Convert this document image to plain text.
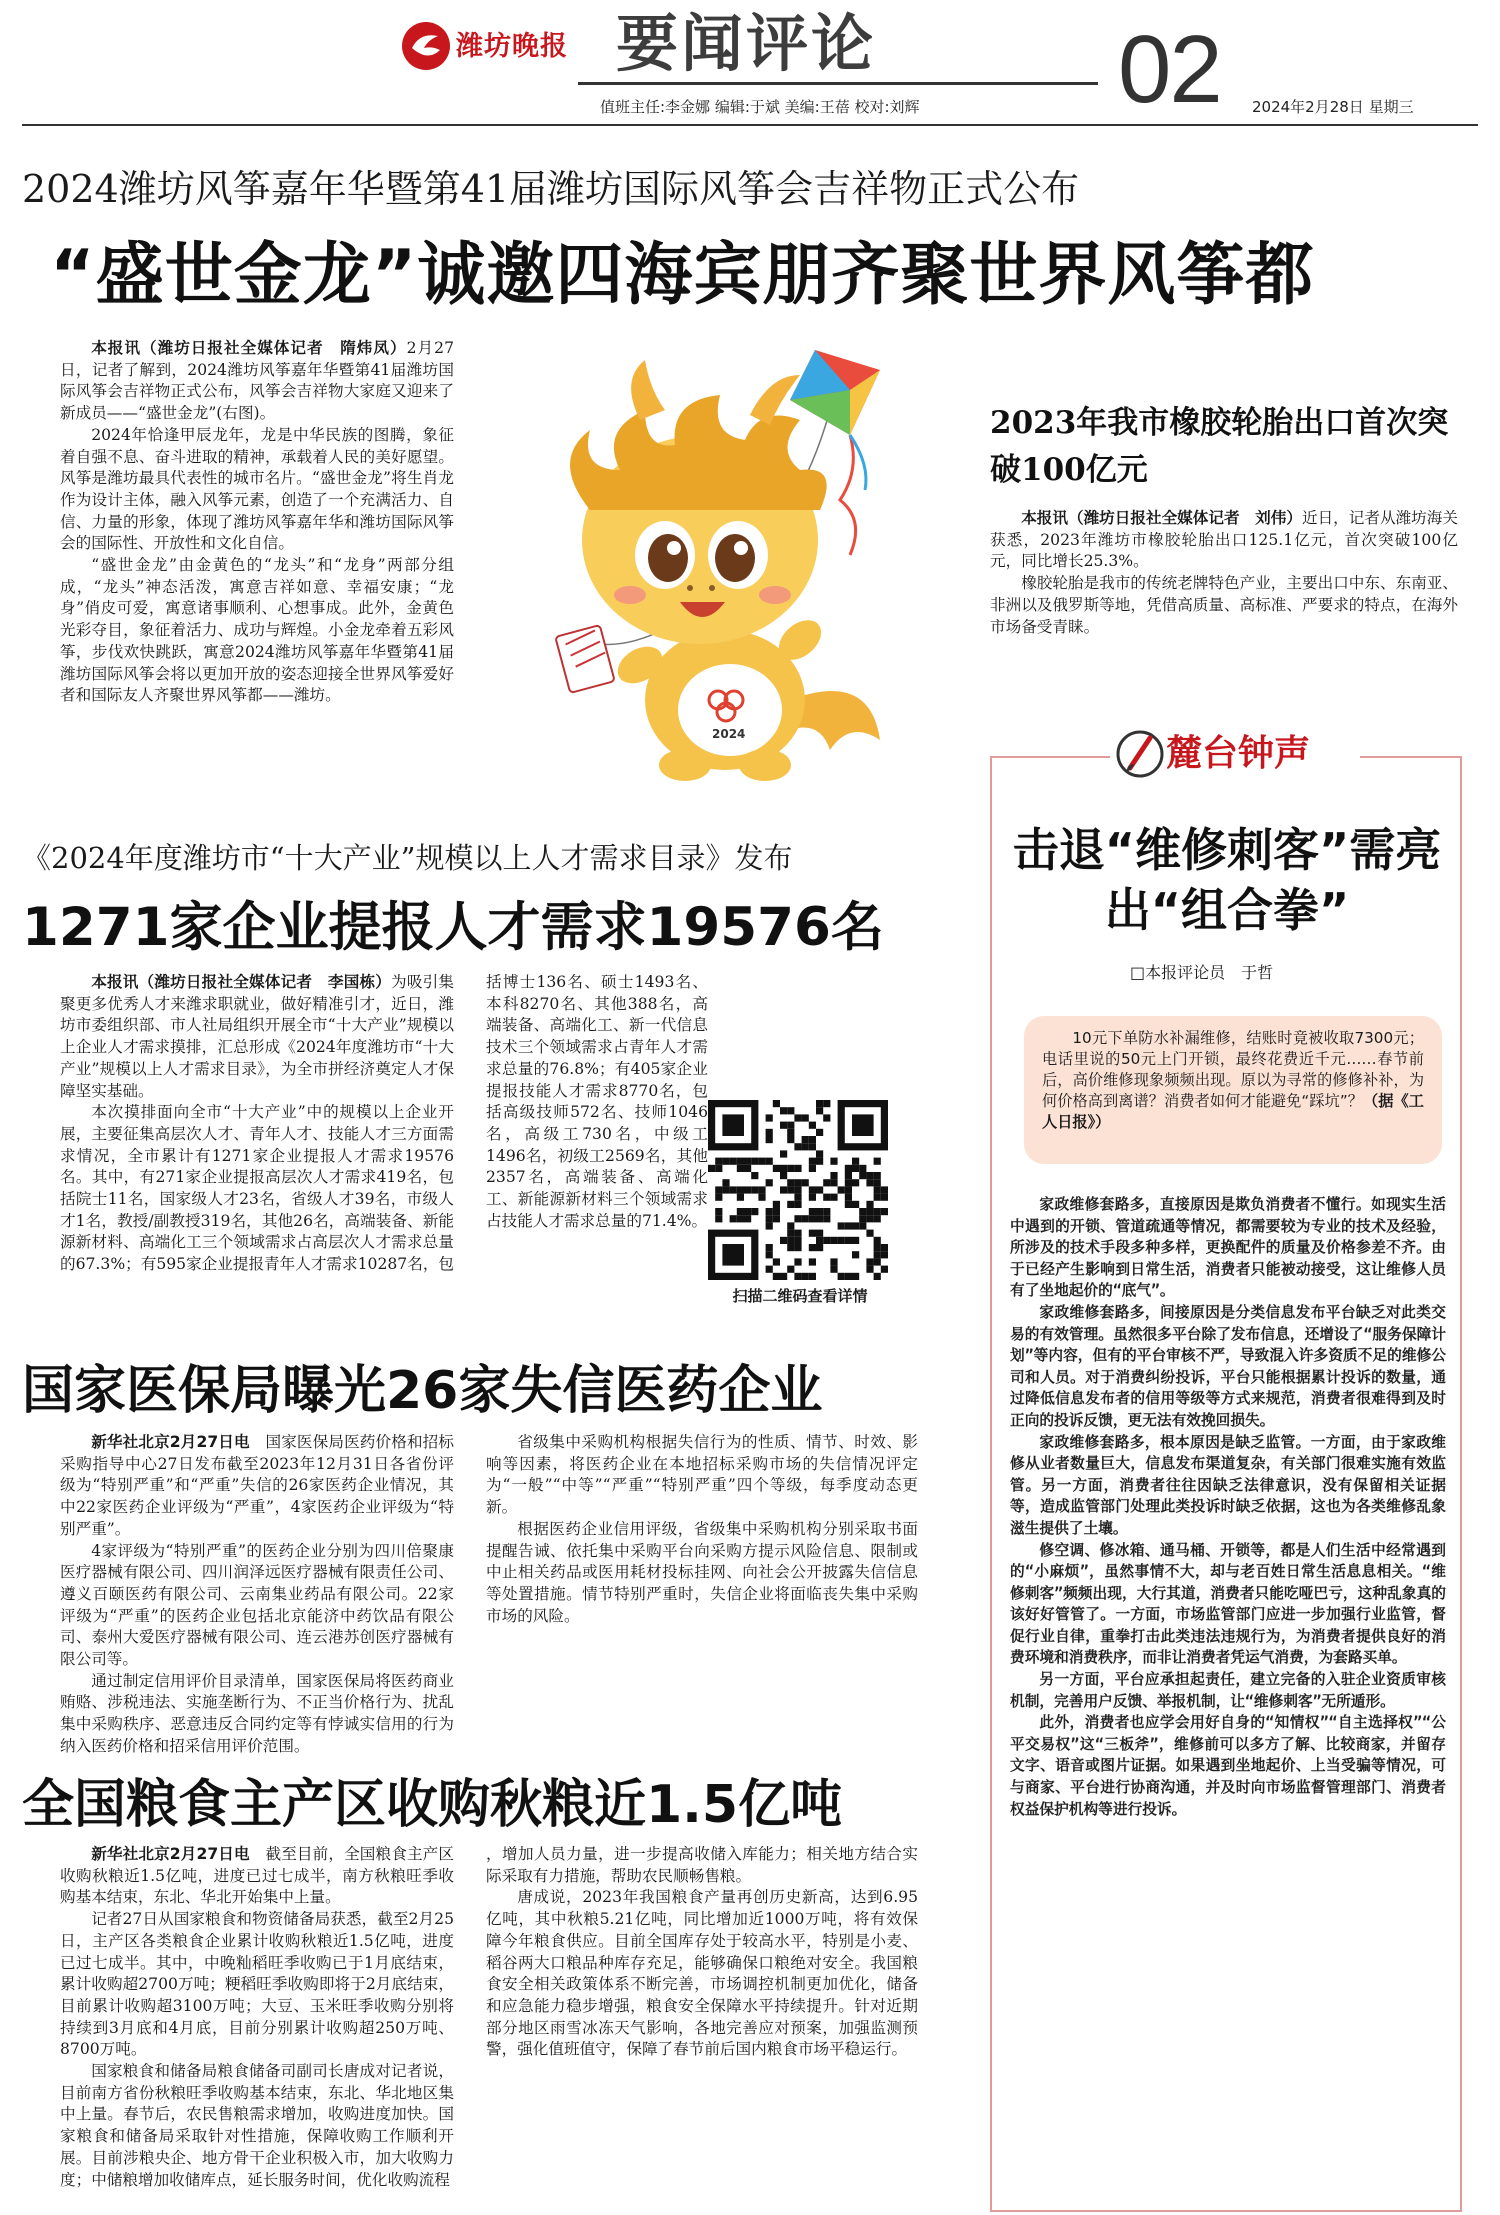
潍坊晚报 要闻评论	02
值班主任:李金娜 编辑:于斌 美编:王蓓 校对:刘辉	2024年2月28日 星期三
2024潍坊风筝嘉年华暨第41届潍坊国际风筝会吉祥物正式公布
“盛世金龙”诚邀四海宾朋齐聚世界风筝都

本报讯（潍坊日报社全媒体记者　隋炜凤）2月27日，记者了解到，2024潍坊风筝嘉年华暨第41届潍坊国际风筝会吉祥物正式公布，风筝会吉祥物大家庭又迎来了新成员——“盛世金龙”(右图)。

2024年恰逢甲辰龙年，龙是中华民族的图腾，象征着自强不息、奋斗进取的精神，承载着人民的美好愿望。风筝是潍坊最具代表性的城市名片。“盛世金龙”将生肖龙作为设计主体，融入风筝元素，创造了一个充满活力、自信、力量的形象，体现了潍坊风筝嘉年华和潍坊国际风筝会的国际性、开放性和文化自信。

“盛世金龙”由金黄色的“龙头”和“龙身”两部分组成，“龙头”神态活泼，寓意吉祥如意、幸福安康；“龙身”俏皮可爱，寓意诸事顺利、心想事成。此外，金黄色光彩夺目，象征着活力、成功与辉煌。小金龙牵着五彩风筝，步伐欢快跳跃，寓意2024潍坊风筝嘉年华暨第41届潍坊国际风筝会将以更加开放的姿态迎接全世界风筝爱好者和国际友人齐聚世界风筝都——潍坊。

2024
2023年我市橡胶轮胎出口首次突破100亿元

本报讯（潍坊日报社全媒体记者　刘伟）近日，记者从潍坊海关获悉，2023年潍坊市橡胶轮胎出口125.1亿元，首次突破100亿元，同比增长25.3%。

橡胶轮胎是我市的传统老牌特色产业，主要出口中东、东南亚、非洲以及俄罗斯等地，凭借高质量、高标准、严要求的特点，在海外市场备受青睐。

《2024年度潍坊市“十大产业”规模以上人才需求目录》发布
1271家企业提报人才需求19576名

本报讯（潍坊日报社全媒体记者　李国栋）为吸引集聚更多优秀人才来潍求职就业，做好精准引才，近日，潍坊市委组织部、市人社局组织开展全市“十大产业”规模以上企业人才需求摸排，汇总形成《2024年度潍坊市“十大产业”规模以上人才需求目录》，为全市拼经济奠定人才保障坚实基础。

本次摸排面向全市“十大产业”中的规模以上企业开展，主要征集高层次人才、青年人才、技能人才三方面需求情况，全市累计有1271家企业提报人才需求19576名。其中，有271家企业提报高层次人才需求419名，包括院士11名，国家级人才23名，省级人才39名，市级人才1名，教授/副教授319名，其他26名，高端装备、新能源新材料、高端化工三个领域需求占高层次人才需求总量的67.3%；有595家企业提报青年人才需求10287名，包

括博士136名、硕士1493名、本科8270名、其他388名，高端装备、高端化工、新一代信息技术三个领域需求占青年人才需求总量的76.8%；有405家企业提报技能人才需求8770名，包括高级技师572名、技师1046名，高级工730名，中级工1496名，初级工2569名，其他2357名，高端装备、高端化工、新能源新材料三个领域需求占技能人才需求总量的71.4%。

扫描二维码查看详情
国家医保局曝光26家失信医药企业

新华社北京2月27日电　 国家医保局医药价格和招标采购指导中心27日发布截至2023年12月31日各省份评级为“特别严重”和“严重”失信的26家医药企业情况，其中22家医药企业评级为“严重”，4家医药企业评级为“特别严重”。

4家评级为“特别严重”的医药企业分别为四川倍聚康医疗器械有限公司、四川润泽远医疗器械有限责任公司、遵义百颐医药有限公司、云南集业药品有限公司。22家评级为“严重”的医药企业包括北京能济中药饮品有限公司、泰州大爱医疗器械有限公司、连云港苏创医疗器械有限公司等。

通过制定信用评价目录清单，国家医保局将医药商业贿赂、涉税违法、实施垄断行为、不正当价格行为、扰乱集中采购秩序、恶意违反合同约定等有悖诚实信用的行为纳入医药价格和招采信用评价范围。

省级集中采购机构根据失信行为的性质、情节、时效、影响等因素，将医药企业在本地招标采购市场的失信情况评定为“一般”“中等”“严重”“特别严重”四个等级，每季度动态更新。

根据医药企业信用评级，省级集中采购机构分别采取书面提醒告诫、依托集中采购平台向采购方提示风险信息、限制或中止相关药品或医用耗材投标挂网、向社会公开披露失信信息等处置措施。情节特别严重时，失信企业将面临丧失集中采购市场的风险。

全国粮食主产区收购秋粮近1.5亿吨

新华社北京2月27日电　 截至目前，全国粮食主产区收购秋粮近1.5亿吨，进度已过七成半，南方秋粮旺季收购基本结束，东北、华北开始集中上量。

记者27日从国家粮食和物资储备局获悉，截至2月25日，主产区各类粮食企业累计收购秋粮近1.5亿吨，进度已过七成半。其中，中晚籼稻旺季收购已于1月底结束，累计收购超2700万吨；粳稻旺季收购即将于2月底结束，目前累计收购超3100万吨；大豆、玉米旺季收购分别将持续到3月底和4月底，目前分别累计收购超250万吨、8700万吨。

国家粮食和储备局粮食储备司副司长唐成对记者说，目前南方省份秋粮旺季收购基本结束，东北、华北地区集中上量。春节后，农民售粮需求增加，收购进度加快。国家粮食和储备局采取针对性措施，保障收购工作顺利开展。目前涉粮央企、地方骨干企业积极入市，加大收购力度；中储粮增加收储库点，延长服务时间，优化收购流程

，增加人员力量，进一步提高收储入库能力；相关地方结合实际采取有力措施，帮助农民顺畅售粮。

唐成说，2023年我国粮食产量再创历史新高，达到6.95亿吨，其中秋粮5.21亿吨，同比增加近1000万吨，将有效保障今年粮食供应。目前全国库存处于较高水平，特别是小麦、稻谷两大口粮品种库存充足，能够确保口粮绝对安全。我国粮食安全相关政策体系不断完善，市场调控机制更加优化，储备和应急能力稳步增强，粮食安全保障水平持续提升。针对近期部分地区雨雪冰冻天气影响，各地完善应对预案，加强监测预警，强化值班值守，保障了春节前后国内粮食市场平稳运行。

麓台钟声
击退“维修刺客”需亮出“组合拳”
□本报评论员　于哲

10元下单防水补漏维修，结账时竟被收取7300元；电话里说的50元上门开锁，最终花费近千元……春节前后，高价维修现象频频出现。原以为寻常的修修补补，为何价格高到离谱？消费者如何才能避免“踩坑”？（据《工人日报》）

家政维修套路多，直接原因是欺负消费者不懂行。如现实生活中遇到的开锁、管道疏通等情况，都需要较为专业的技术及经验，所涉及的技术手段多种多样，更换配件的质量及价格参差不齐。由于已经产生影响到日常生活，消费者只能被动接受，这让维修人员有了坐地起价的“底气”。

家政维修套路多，间接原因是分类信息发布平台缺乏对此类交易的有效管理。虽然很多平台除了发布信息，还增设了“服务保障计划”等内容，但有的平台审核不严，导致混入许多资质不足的维修公司和人员。对于消费纠纷投诉，平台只能根据累计投诉的数量，通过降低信息发布者的信用等级等方式来规范，消费者很难得到及时正向的投诉反馈，更无法有效挽回损失。

家政维修套路多，根本原因是缺乏监管。一方面，由于家政维修从业者数量巨大，信息发布渠道复杂，有关部门很难实施有效监管。另一方面，消费者往往因缺乏法律意识，没有保留相关证据等，造成监管部门处理此类投诉时缺乏依据，这也为各类维修乱象滋生提供了土壤。

修空调、修冰箱、通马桶、开锁等，都是人们生活中经常遇到的“小麻烦”，虽然事情不大，却与老百姓日常生活息息相关。“维修刺客”频频出现，大行其道，消费者只能吃哑巴亏，这种乱象真的该好好管管了。一方面，市场监管部门应进一步加强行业监管，督促行业自律，重拳打击此类违法违规行为，为消费者提供良好的消费环境和消费秩序，而非让消费者凭运气消费，为套路买单。

另一方面，平台应承担起责任，建立完备的入驻企业资质审核机制，完善用户反馈、举报机制，让“维修刺客”无所遁形。

此外，消费者也应学会用好自身的“知情权”“自主选择权”“公平交易权”这“三板斧”，维修前可以多方了解、比较商家，并留存文字、语音或图片证据。如果遇到坐地起价、上当受骗等情况，可与商家、平台进行协商沟通，并及时向市场监督管理部门、消费者权益保护机构等进行投诉。
